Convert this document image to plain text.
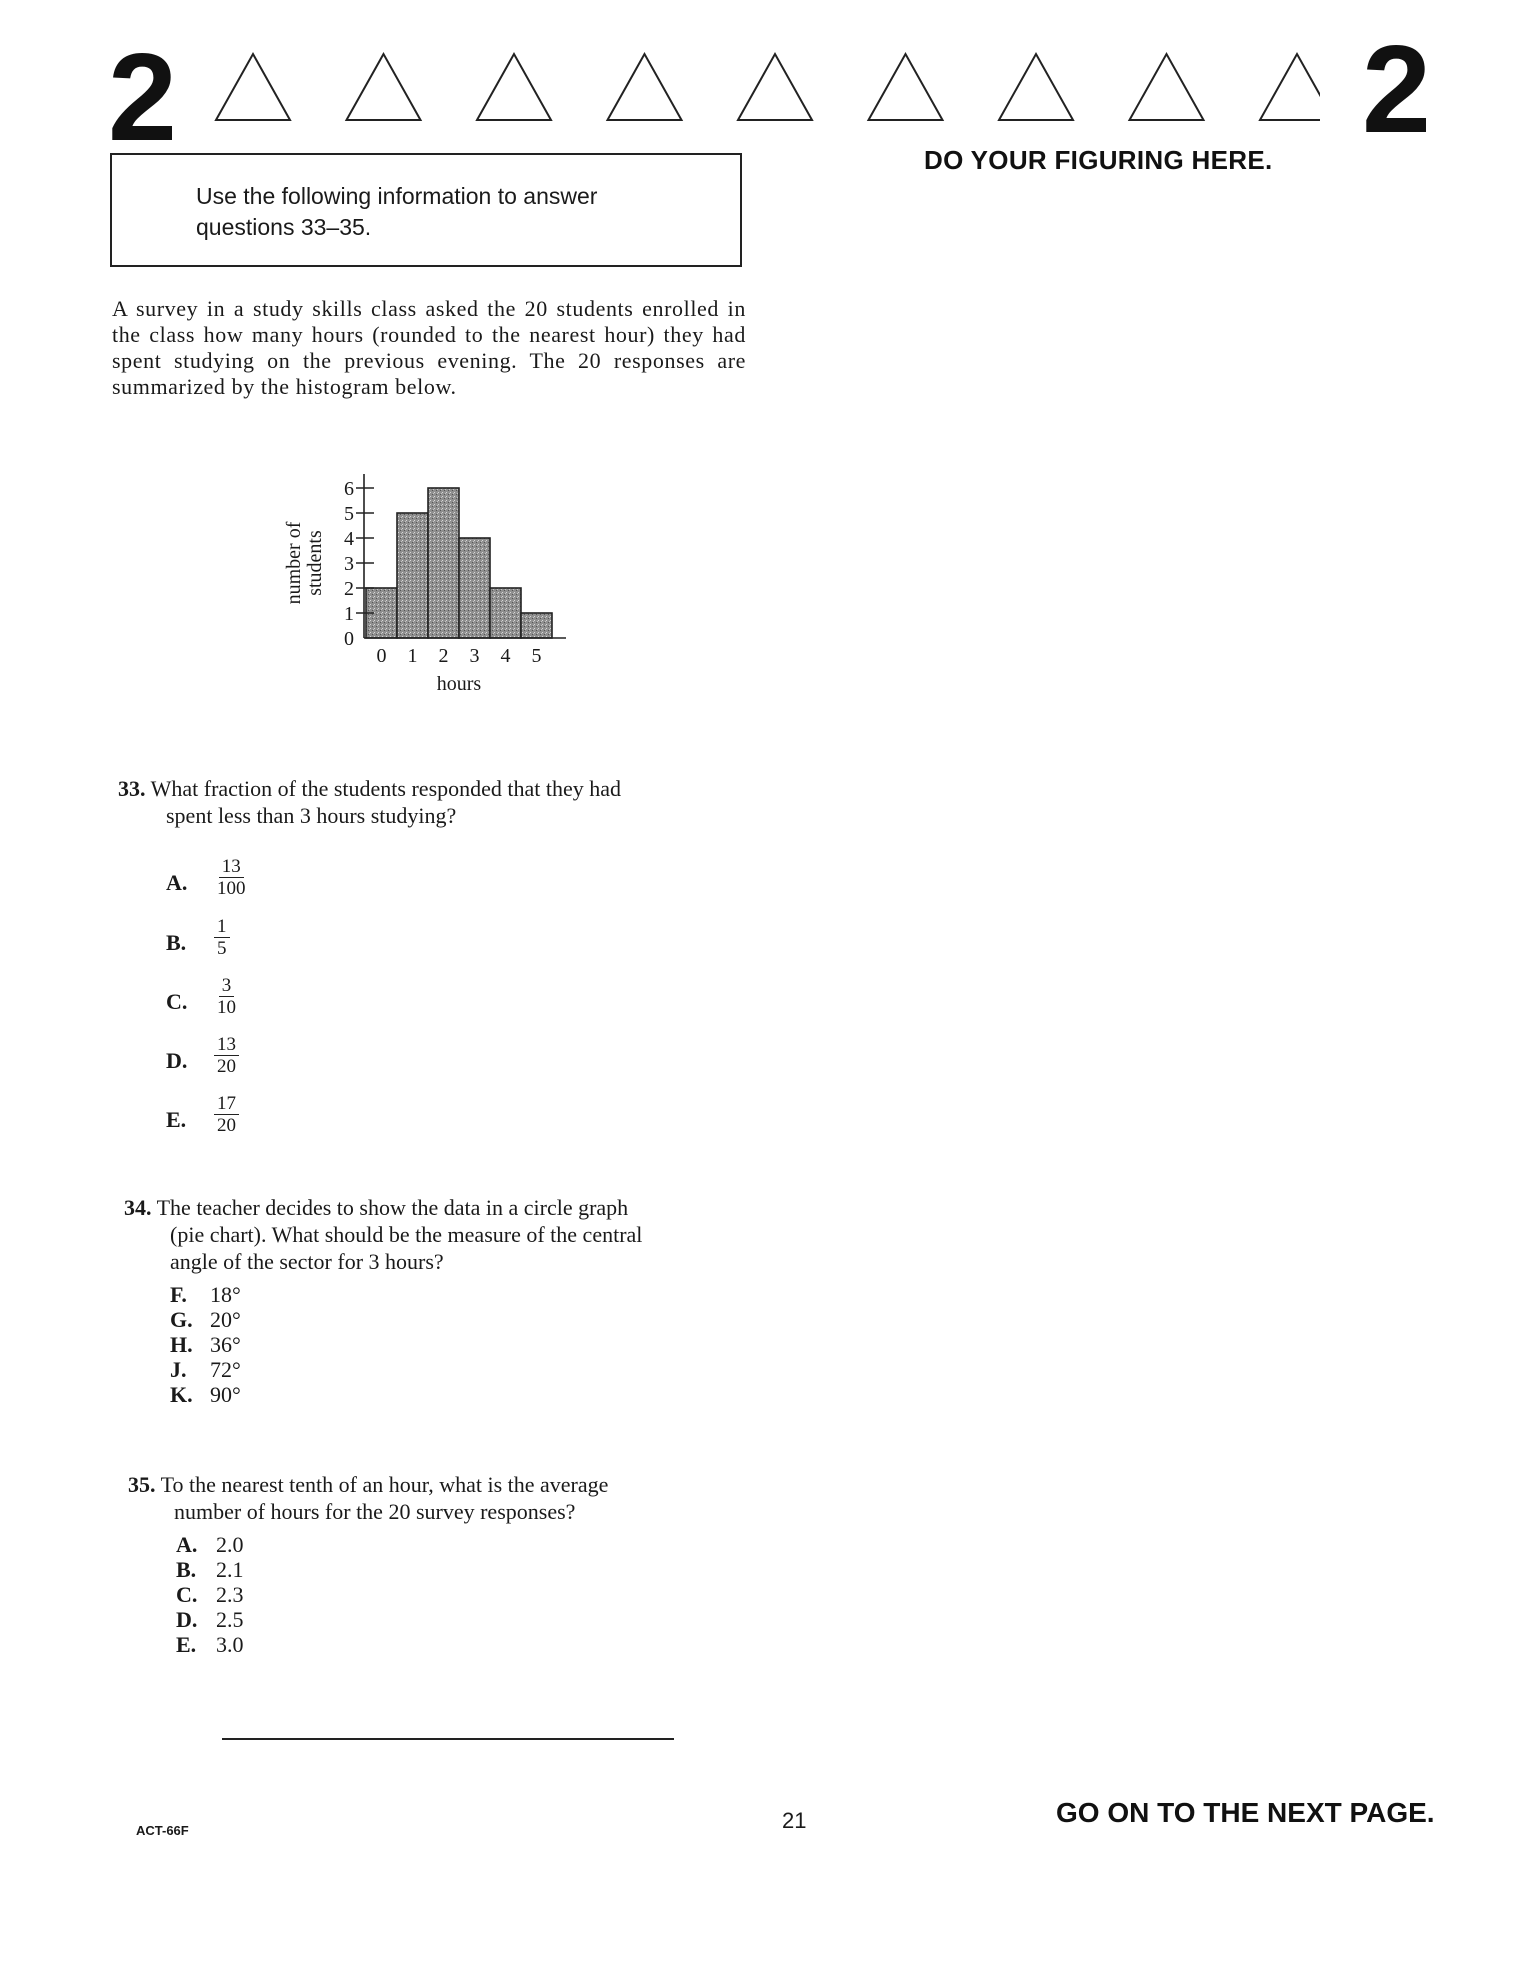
2	2
DO YOUR FIGURING HERE.
Use the following information to answer
questions 33–35.
A survey in a study skills class asked the 20 students enrolled in the class how many hours (rounded to the nearest hour) they had spent studying on the previous evening. The 20 responses are summarized by the histogram below.
number of students
0
1
2
3
4
5
6
0 1 2 3 4 5
hours
33. What fraction of the students responded that they had
spent less than 3 hours studying?
A. $\frac{13}{100}$
B. $\frac{1}{5}$
C. $\frac{3}{10}$
D. $\frac{13}{20}$
E. $\frac{17}{20}$
34. The teacher decides to show the data in a circle graph
(pie chart). What should be the measure of the central
angle of the sector for 3 hours?
F. 18°
G. 20°
H. 36°
J. 72°
K. 90°
35. To the nearest tenth of an hour, what is the average
number of hours for the 20 survey responses?
A. 2.0
B. 2.1
C. 2.3
D. 2.5
E. 3.0
ACT-66F	21	GO ON TO THE NEXT PAGE.
